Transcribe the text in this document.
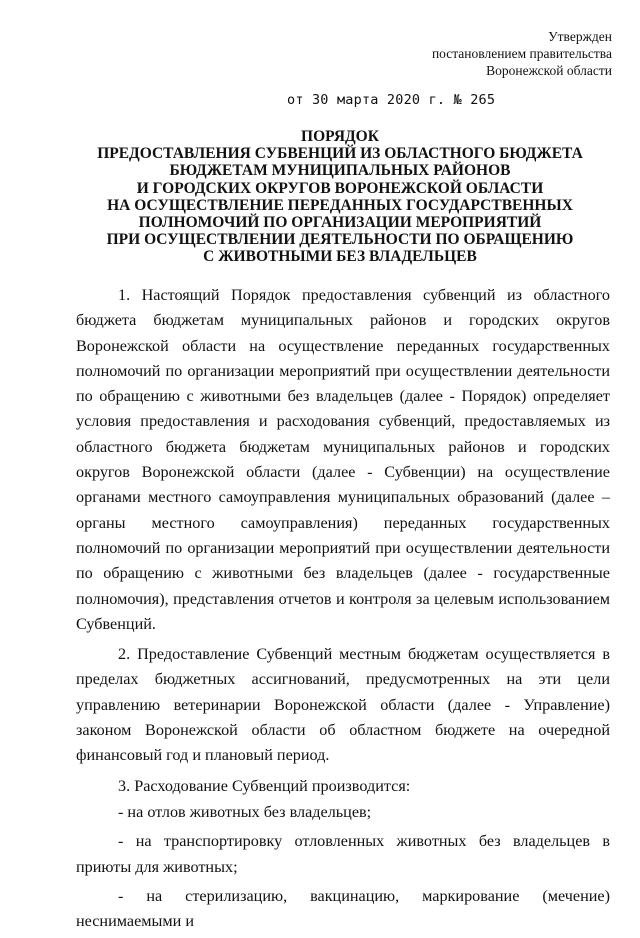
Утвержден
постановлением правительства
Воронежской области
от 30 марта 2020 г. № 265
ПОРЯДОК
ПРЕДОСТАВЛЕНИЯ СУБВЕНЦИЙ ИЗ ОБЛАСТНОГО БЮДЖЕТА
БЮДЖЕТАМ МУНИЦИПАЛЬНЫХ РАЙОНОВ
И ГОРОДСКИХ ОКРУГОВ ВОРОНЕЖСКОЙ ОБЛАСТИ
НА ОСУЩЕСТВЛЕНИЕ ПЕРЕДАННЫХ ГОСУДАРСТВЕННЫХ
ПОЛНОМОЧИЙ ПО ОРГАНИЗАЦИИ МЕРОПРИЯТИЙ
ПРИ ОСУЩЕСТВЛЕНИИ ДЕЯТЕЛЬНОСТИ ПО ОБРАЩЕНИЮ
С ЖИВОТНЫМИ БЕЗ ВЛАДЕЛЬЦЕВ

1. Настоящий Порядок предоставления субвенций из областного бюджета бюджетам муниципальных районов и городских округов Воронежской области на осуществление переданных государственных полномочий по организации мероприятий при осуществлении деятельности по обращению с животными без владельцев (далее - Порядок) определяет условия предоставления и расходования субвенций, предоставляемых из областного бюджета бюджетам муниципальных районов и городских округов Воронежской области (далее - Субвенции) на осуществление органами местного самоуправления муниципальных образований (далее – органы местного самоуправления) переданных государственных полномочий по организации мероприятий при осуществлении деятельности по обращению с животными без владельцев (далее - государственные полномочия), представления отчетов и контроля за целевым использованием Субвенций.

2. Предоставление Субвенций местным бюджетам осуществляется в пределах бюджетных ассигнований, предусмотренных на эти цели управлению ветеринарии Воронежской области (далее - Управление) законом Воронежской области об областном бюджете на очередной финансовый год и плановый период.

3. Расходование Субвенций производится:

- на отлов животных без владельцев;

- на транспортировку отловленных животных без владельцев в приюты для животных;

- на стерилизацию, вакцинацию, маркирование (мечение) неснимаемыми и
